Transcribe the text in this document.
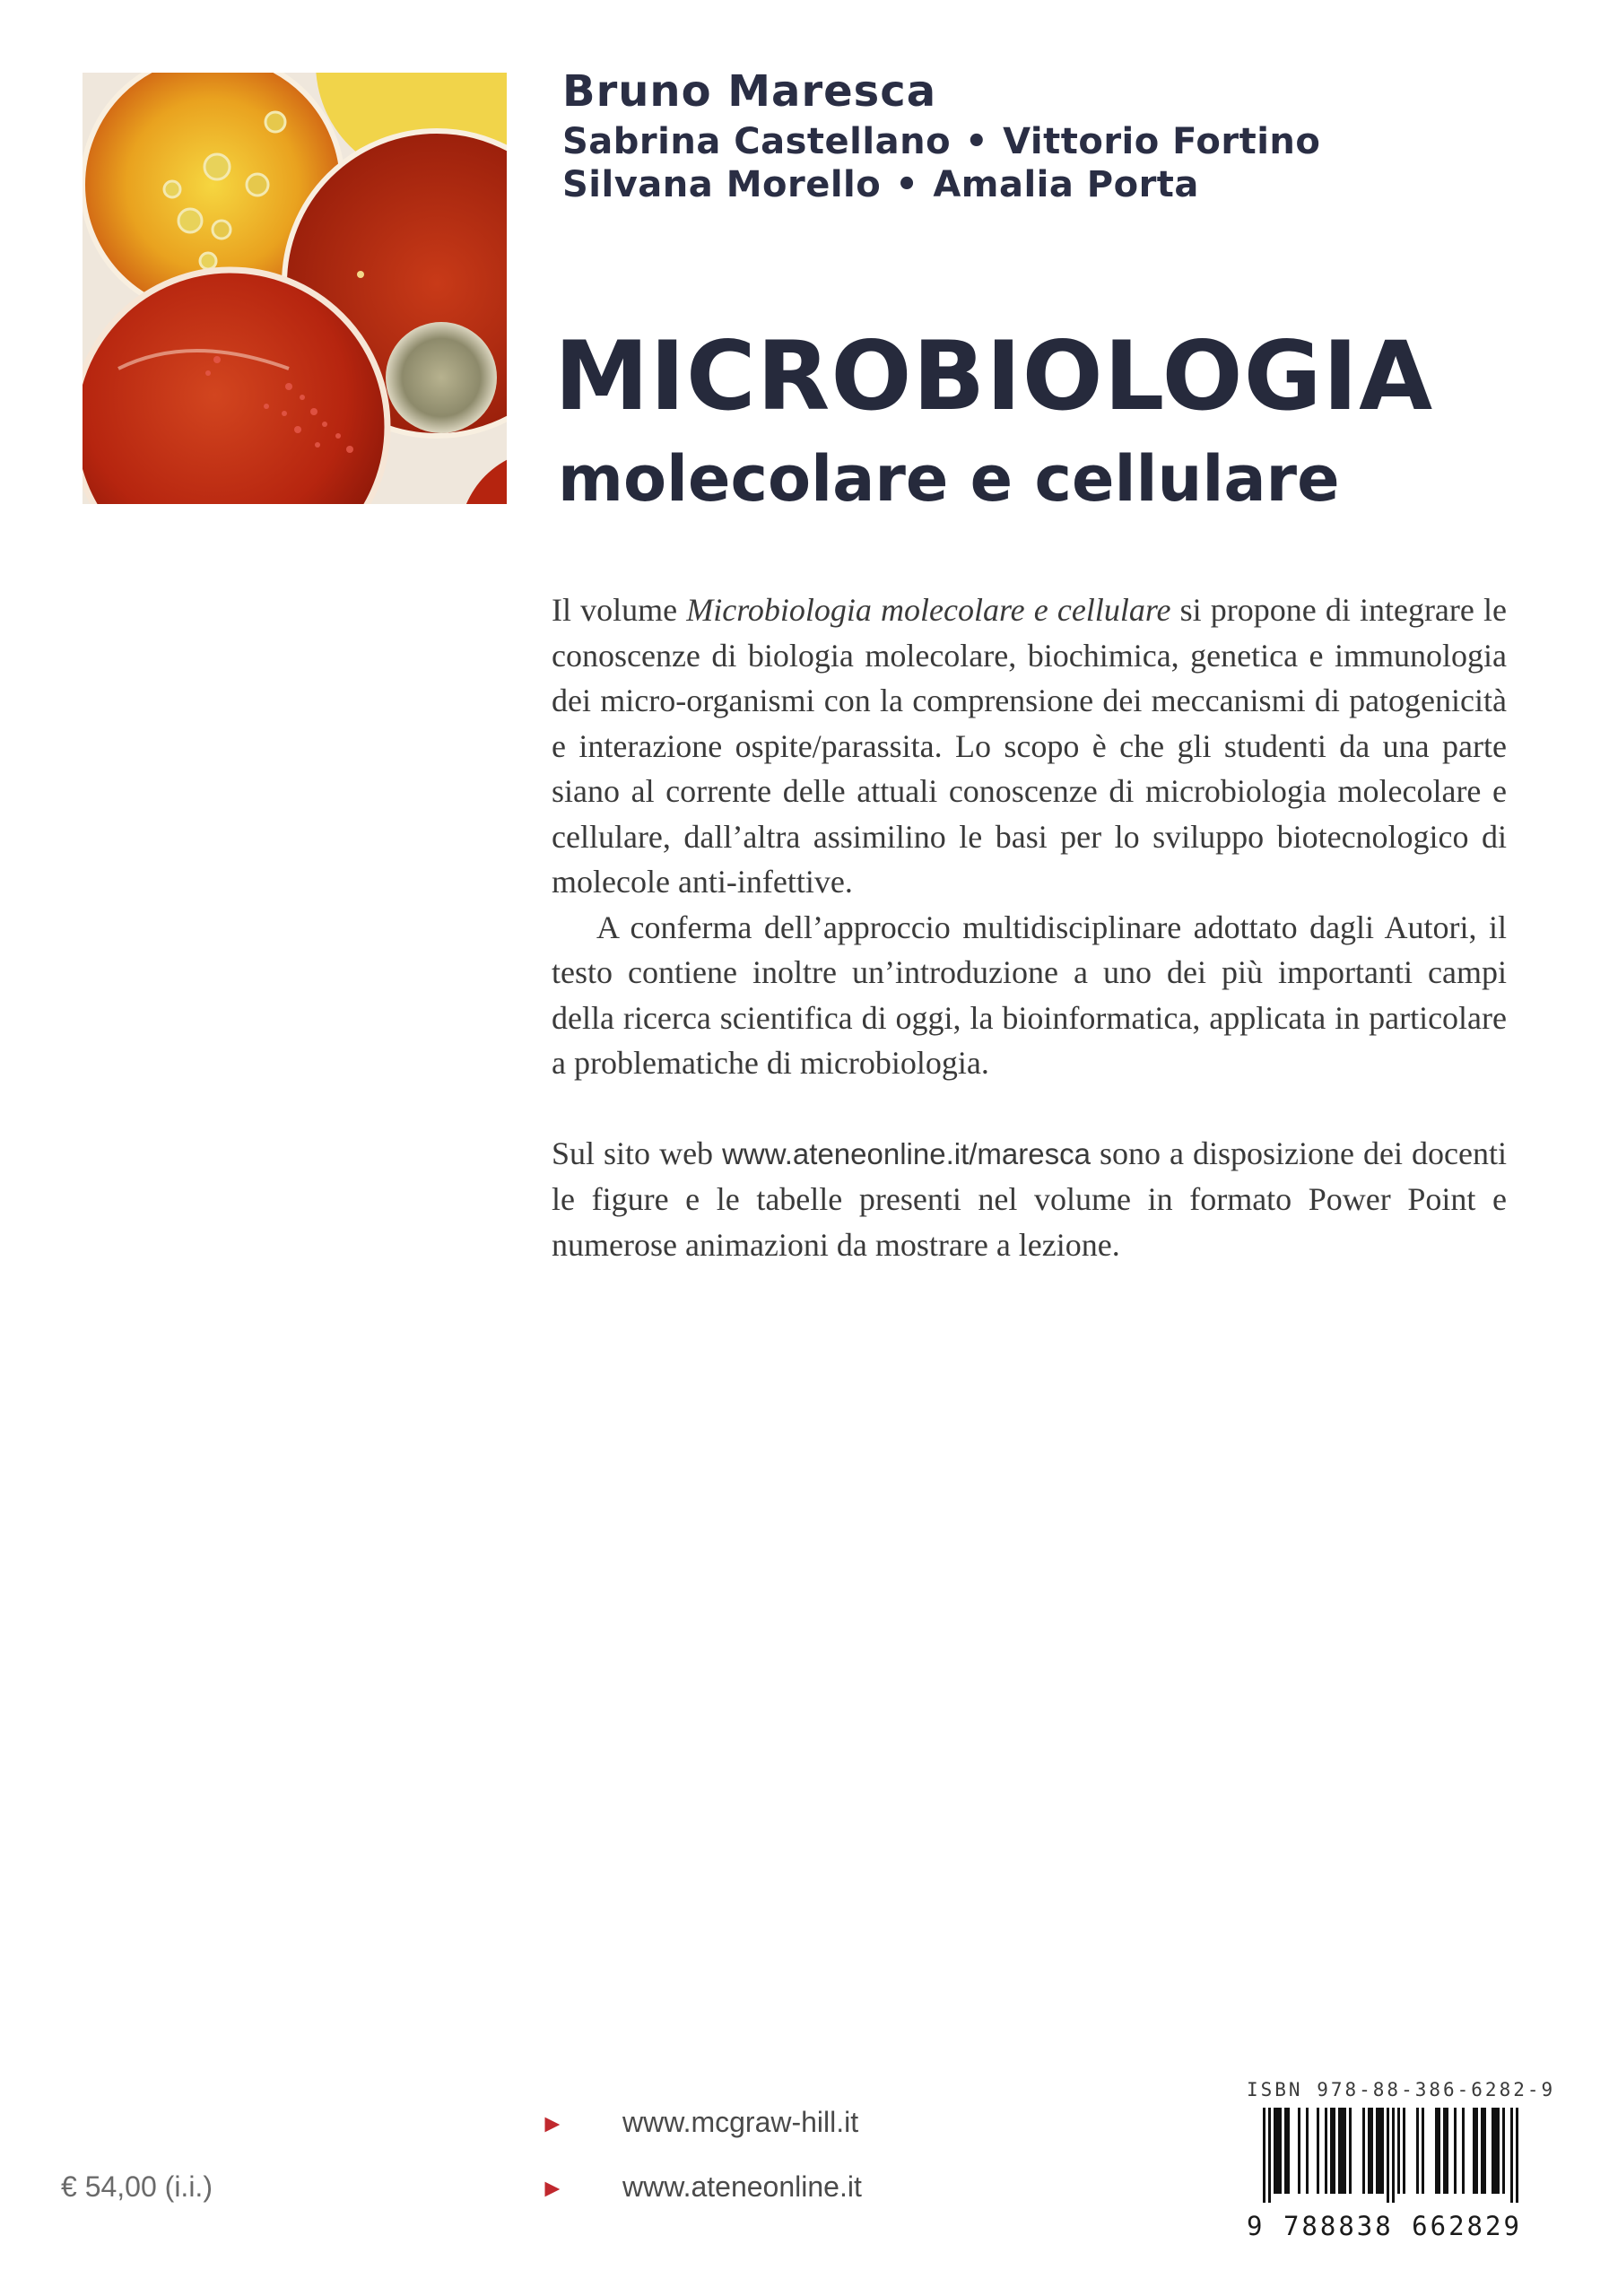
Bruno Maresca
Sabrina Castellano • Vittorio Fortino
Silvana Morello • Amalia Porta
MICROBIOLOGIA
molecolare e cellulare

Il volume Microbiologia molecolare e cellulare si propone di integrare le conoscenze di biologia molecolare, biochimica, genetica e immunologia dei micro-organismi con la comprensione dei meccanismi di patogenicità e interazione ospite/parassita. Lo scopo è che gli studenti da una parte siano al corrente delle attuali conoscenze di microbiologia molecolare e cellulare, dall’altra assimilino le basi per lo sviluppo biotecnologico di molecole anti-infettive.

A conferma dell’approccio multidisciplinare adottato dagli Autori, il testo contiene inoltre un’introduzione a uno dei più importanti campi della ricerca scientifica di oggi, la bioinformatica, applicata in particolare a problematiche di microbiologia.

Sul sito web www.ateneonline.it/maresca sono a disposizione dei docenti le figure e le tabelle presenti nel volume in formato Power Point e numerose animazioni da mostrare a lezione.

€ 54,00 (i.i.)
► www.mcgraw-hill.it
► www.ateneonline.it
ISBN 978-88-386-6282-9
9 788838 662829
